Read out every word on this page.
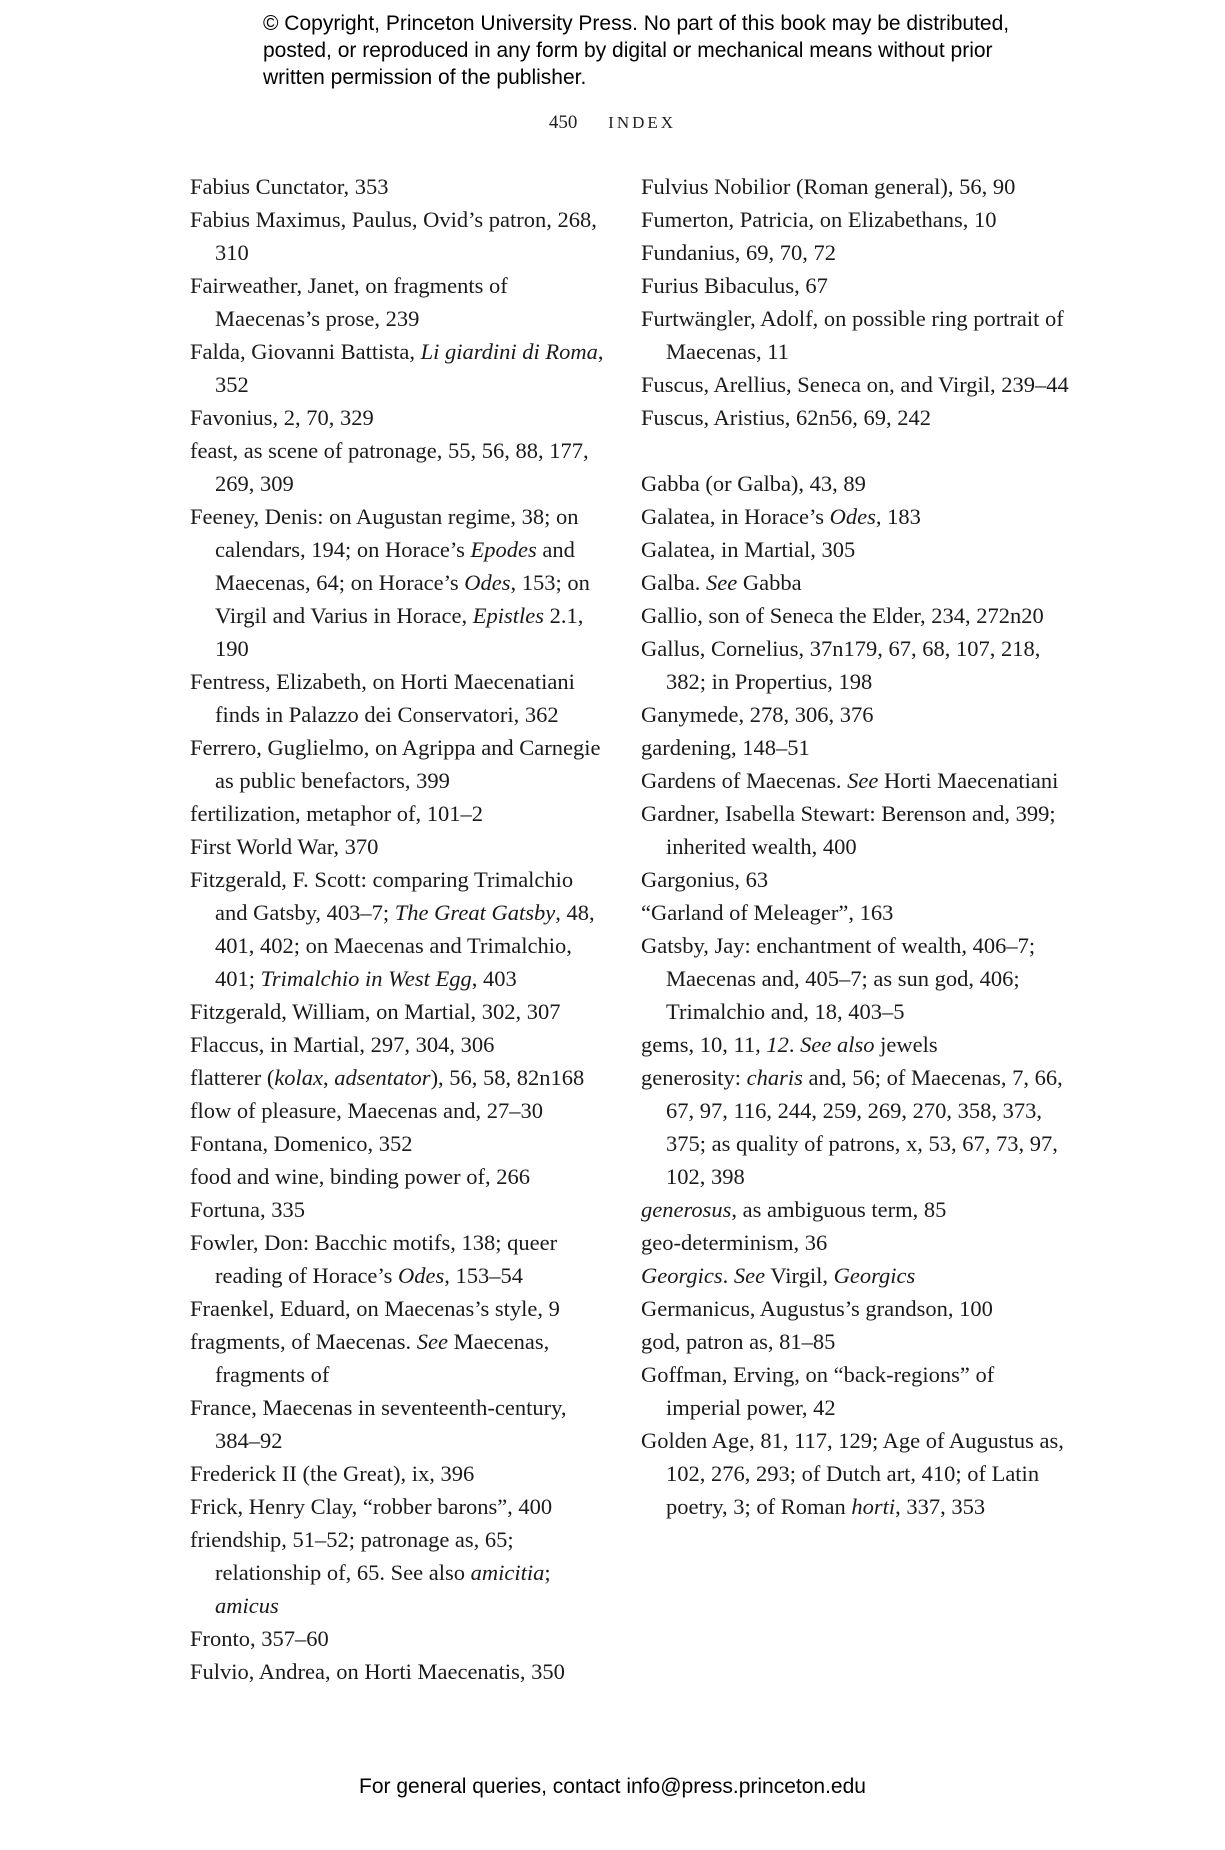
© Copyright, Princeton University Press. No part of this book may be distributed, posted, or reproduced in any form by digital or mechanical means without prior written permission of the publisher.

450 INDEX

Fabius Cunctator, 353

Fabius Maximus, Paulus, Ovid’s patron, 268, 310

Fairweather, Janet, on fragments of Maecenas’s prose, 239

Falda, Giovanni Battista, Li giardini di Roma, 352

Favonius, 2, 70, 329

feast, as scene of patronage, 55, 56, 88, 177, 269, 309

Feeney, Denis: on Augustan regime, 38; on calendars, 194; on Horace’s Epodes and Maecenas, 64; on Horace’s Odes, 153; on Virgil and Varius in Horace, Epistles 2.1, 190

Fentress, Elizabeth, on Horti Maecenatiani finds in Palazzo dei Conservatori, 362

Ferrero, Guglielmo, on Agrippa and Carnegie as public benefactors, 399

fertilization, metaphor of, 101–2

First World War, 370

Fitzgerald, F. Scott: comparing Trimalchio and Gatsby, 403–7; The Great Gatsby, 48, 401, 402; on Maecenas and Trimalchio, 401; Trimalchio in West Egg, 403

Fitzgerald, William, on Martial, 302, 307

Flaccus, in Martial, 297, 304, 306

flatterer (kolax, adsentator), 56, 58, 82n168

flow of pleasure, Maecenas and, 27–30

Fontana, Domenico, 352

food and wine, binding power of, 266

Fortuna, 335

Fowler, Don: Bacchic motifs, 138; queer reading of Horace’s Odes, 153–54

Fraenkel, Eduard, on Maecenas’s style, 9

fragments, of Maecenas. See Maecenas, fragments of

France, Maecenas in seventeenth-century, 384–92

Frederick II (the Great), ix, 396

Frick, Henry Clay, “robber barons”, 400

friendship, 51–52; patronage as, 65; relationship of, 65. See also amicitia; amicus

Fronto, 357–60

Fulvio, Andrea, on Horti Maecenatis, 350

Fulvius Nobilior (Roman general), 56, 90

Fumerton, Patricia, on Elizabethans, 10

Fundanius, 69, 70, 72

Furius Bibaculus, 67

Furtwängler, Adolf, on possible ring portrait of Maecenas, 11

Fuscus, Arellius, Seneca on, and Virgil, 239–44

Fuscus, Aristius, 62n56, 69, 242

Gabba (or Galba), 43, 89

Galatea, in Horace’s Odes, 183

Galatea, in Martial, 305

Galba. See Gabba

Gallio, son of Seneca the Elder, 234, 272n20

Gallus, Cornelius, 37n179, 67, 68, 107, 218, 382; in Propertius, 198

Ganymede, 278, 306, 376

gardening, 148–51

Gardens of Maecenas. See Horti Maecenatiani

Gardner, Isabella Stewart: Berenson and, 399; inherited wealth, 400

Gargonius, 63

“Garland of Meleager”, 163

Gatsby, Jay: enchantment of wealth, 406–7; Maecenas and, 405–7; as sun god, 406; Trimalchio and, 18, 403–5

gems, 10, 11, 12. See also jewels

generosity: charis and, 56; of Maecenas, 7, 66, 67, 97, 116, 244, 259, 269, 270, 358, 373, 375; as quality of patrons, x, 53, 67, 73, 97, 102, 398

generosus, as ambiguous term, 85

geo-determinism, 36

Georgics. See Virgil, Georgics

Germanicus, Augustus’s grandson, 100

god, patron as, 81–85

Goffman, Erving, on “back-regions” of imperial power, 42

Golden Age, 81, 117, 129; Age of Augustus as, 102, 276, 293; of Dutch art, 410; of Latin poetry, 3; of Roman horti, 337, 353

For general queries, contact info@press.princeton.edu
